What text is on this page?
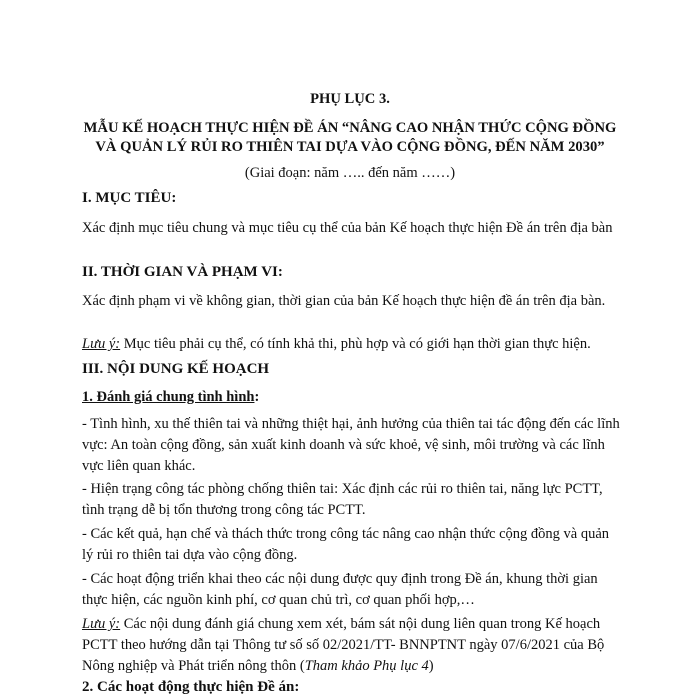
PHỤ LỤC 3.
MẪU KẾ HOẠCH THỰC HIỆN ĐỀ ÁN “NÂNG CAO NHẬN THỨC CỘNG ĐỒNG
VÀ QUẢN LÝ RỦI RO THIÊN TAI DỰA VÀO CỘNG ĐỒNG, ĐẾN NĂM 2030”
(Giai đoạn: năm ….. đến năm ……)
I. MỤC TIÊU:
Xác định mục tiêu chung và mục tiêu cụ thể của bản Kế hoạch thực hiện Đề án trên địa bàn
II. THỜI GIAN VÀ PHẠM VI:
Xác định phạm vi về không gian, thời gian của bản Kế hoạch thực hiện đề án trên địa bàn.
Lưu ý: Mục tiêu phải cụ thể, có tính khả thi, phù hợp và có giới hạn thời gian thực hiện.
III. NỘI DUNG KẾ HOẠCH
1. Đánh giá chung tình hình:
- Tình hình, xu thế thiên tai và những thiệt hại, ảnh hưởng của thiên tai tác động đến các lĩnh vực: An toàn cộng đồng, sản xuất kinh doanh và sức khoẻ, vệ sinh, môi trường và các lĩnh vực liên quan khác.
- Hiện trạng công tác phòng chống thiên tai: Xác định các rủi ro thiên tai, năng lực PCTT, tình trạng dễ bị tổn thương trong công tác PCTT.
- Các kết quả, hạn chế và thách thức trong công tác nâng cao nhận thức cộng đồng và quản lý rủi ro thiên tai dựa vào cộng đồng.
- Các hoạt động triển khai theo các nội dung được quy định trong Đề án, khung thời gian thực hiện, các nguồn kinh phí, cơ quan chủ trì, cơ quan phối hợp,…
Lưu ý: Các nội dung đánh giá chung xem xét, bám sát nội dung liên quan trong Kế hoạch PCTT theo hướng dẫn tại Thông tư số số 02/2021/TT- BNNPTNT ngày 07/6/2021 của Bộ Nông nghiệp và Phát triển nông thôn (Tham khảo Phụ lục 4)
2. Các hoạt động thực hiện Đề án:
